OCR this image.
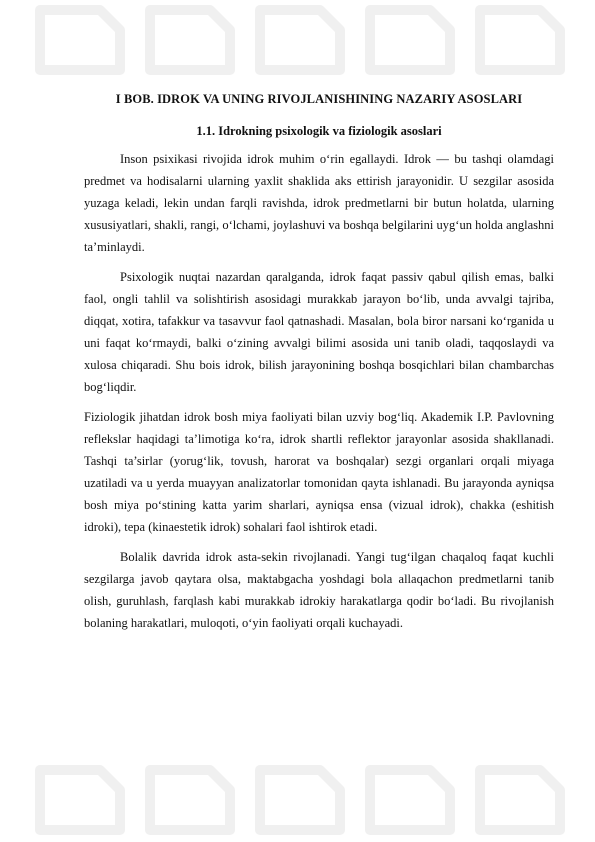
I BOB. IDROK VA UNING RIVOJLANISHINING NAZARIY ASOSLARI
1.1. Idrokning psixologik va fiziologik asoslari

Inson psixikasi rivojida idrok muhim o‘rin egallaydi. Idrok — bu tashqi olamdagi predmet va hodisalarni ularning yaxlit shaklida aks ettirish jarayonidir. U sezgilar asosida yuzaga keladi, lekin undan farqli ravishda, idrok predmetlarni bir butun holatda, ularning xususiyatlari, shakli, rangi, o‘lchami, joylashuvi va boshqa belgilarini uyg‘un holda anglashni ta’minlaydi.

Psixologik nuqtai nazardan qaralganda, idrok faqat passiv qabul qilish emas, balki faol, ongli tahlil va solishtirish asosidagi murakkab jarayon bo‘lib, unda avvalgi tajriba, diqqat, xotira, tafakkur va tasavvur faol qatnashadi. Masalan, bola biror narsani ko‘rganida u uni faqat ko‘rmaydi, balki o‘zining avvalgi bilimi asosida uni tanib oladi, taqqoslaydi va xulosa chiqaradi. Shu bois idrok, bilish jarayonining boshqa bosqichlari bilan chambarchas bog‘liqdir.

Fiziologik jihatdan idrok bosh miya faoliyati bilan uzviy bog‘liq. Akademik I.P. Pavlovning reflekslar haqidagi ta’limotiga ko‘ra, idrok shartli reflektor jarayonlar asosida shakllanadi. Tashqi ta’sirlar (yorug‘lik, tovush, harorat va boshqalar) sezgi organlari orqali miyaga uzatiladi va u yerda muayyan analizatorlar tomonidan qayta ishlanadi. Bu jarayonda ayniqsa bosh miya po‘stining katta yarim sharlari, ayniqsa ensa (vizual idrok), chakka (eshitish idroki), tepa (kinaestetik idrok) sohalari faol ishtirok etadi.

Bolalik davrida idrok asta-sekin rivojlanadi. Yangi tug‘ilgan chaqaloq faqat kuchli sezgilarga javob qaytara olsa, maktabgacha yoshdagi bola allaqachon predmetlarni tanib olish, guruhlash, farqlash kabi murakkab idrokiy harakatlarga qodir bo‘ladi. Bu rivojlanish bolaning harakatlari, muloqoti, o‘yin faoliyati orqali kuchayadi.
